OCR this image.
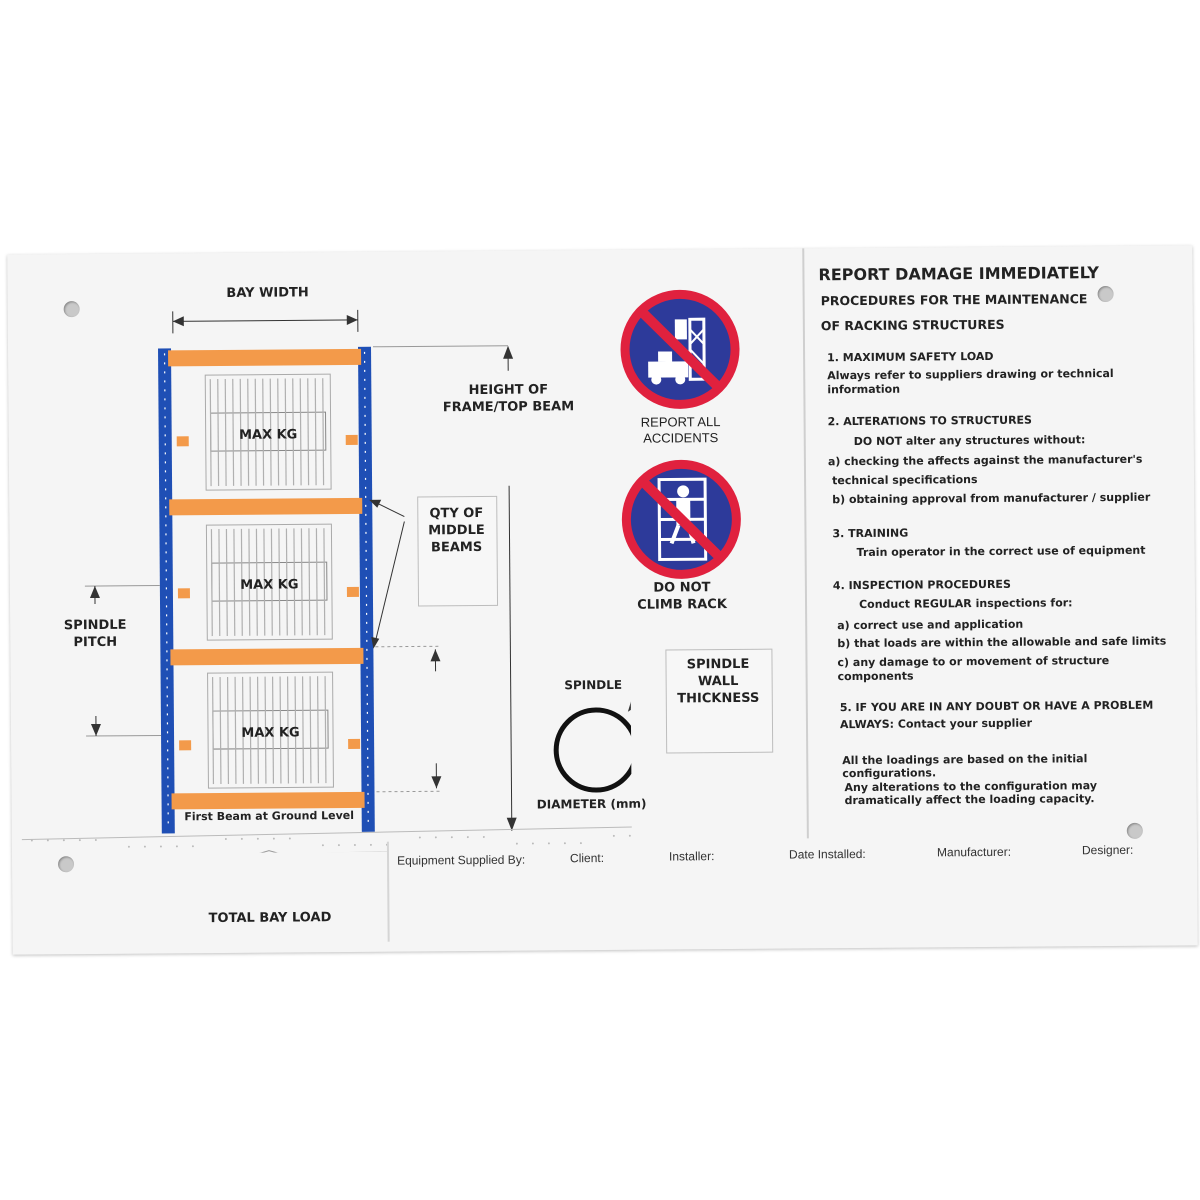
BAY WIDTH
HEIGHT OF
FRAME/TOP BEAM
SPINDLE
PITCH
MAX KG
MAX KG
MAX KG
QTY OF
MIDDLE
BEAMS
First Beam at Ground Level
SPINDLE
SPINDLE
WALL
THICKNESS
DIAMETER (mm)
TOTAL BAY LOAD
REPORT ALL
ACCIDENTS
DO NOT
CLIMB RACK
REPORT DAMAGE IMMEDIATELY
PROCEDURES FOR THE MAINTENANCE
OF RACKING STRUCTURES
1. MAXIMUM SAFETY LOAD
Always refer to suppliers drawing or technical
information
2. ALTERATIONS TO STRUCTURES
DO NOT alter any structures without:
a) checking the affects against the manufacturer's
technical specifications
b) obtaining approval from manufacturer / supplier
3. TRAINING
Train operator in the correct use of equipment
4. INSPECTION PROCEDURES
Conduct REGULAR inspections for:
a) correct use and application
b) that loads are within the allowable and safe limits
c) any damage to or movement of structure
components
5. IF YOU ARE IN ANY DOUBT OR HAVE A PROBLEM
ALWAYS: Contact your supplier
All the loadings are based on the initial
configurations.
Any alterations to the configuration may
dramatically affect the loading capacity.
Equipment Supplied By:	Client:	Installer:	Date Installed:	Manufacturer:	Designer:
